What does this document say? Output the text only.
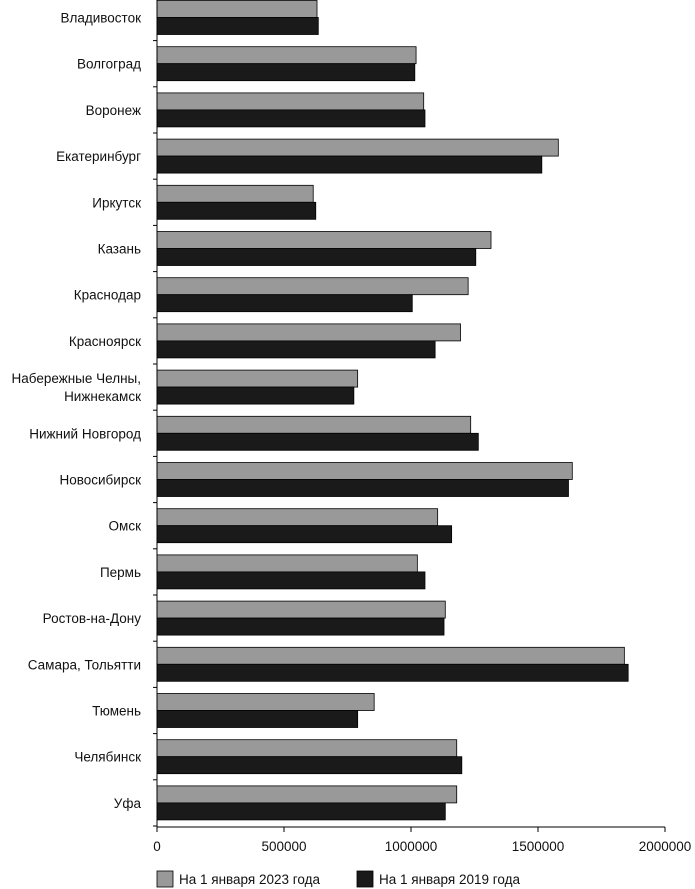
Владивосток
Волгоград
Воронеж
Екатеринбург
Иркутск
Казань
Краснодар
Красноярск
Набережные Челны, Нижнекамск
Нижний Новгород
Новосибирск
Омск
Пермь
Ростов-на-Дону
Самара, Тольятти
Тюмень
Челябинск
Уфа
0	500000	1000000	1500000	2000000
На 1 января 2023 года	На 1 января 2019 года
